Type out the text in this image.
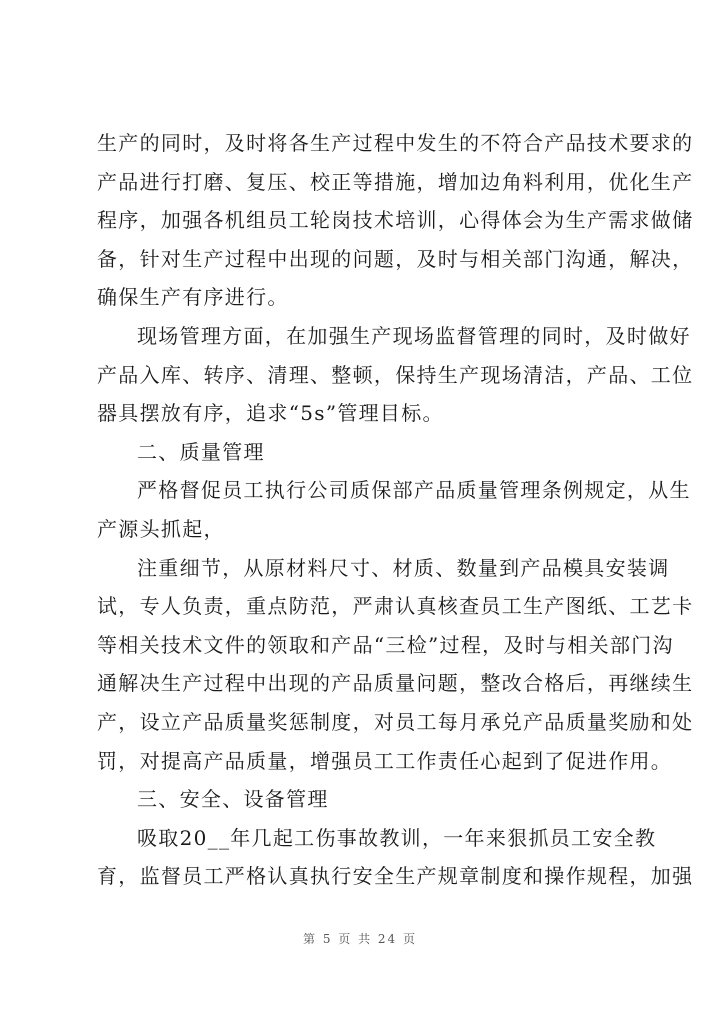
生产的同时，及时将各生产过程中发生的不符合产品技术要求的
产品进行打磨、复压、校正等措施，增加边角料利用，优化生产
程序，加强各机组员工轮岗技术培训，心得体会为生产需求做储
备，针对生产过程中出现的问题，及时与相关部门沟通，解决，
确保生产有序进行。
现场管理方面，在加强生产现场监督管理的同时，及时做好
产品入库、转序、清理、整顿，保持生产现场清洁，产品、工位
器具摆放有序，追求“5s”管理目标。
二、质量管理
严格督促员工执行公司质保部产品质量管理条例规定，从生
产源头抓起，
注重细节，从原材料尺寸、材质、数量到产品模具安装调
试，专人负责，重点防范，严肃认真核查员工生产图纸、工艺卡
等相关技术文件的领取和产品“三检”过程，及时与相关部门沟
通解决生产过程中出现的产品质量问题，整改合格后，再继续生
产，设立产品质量奖惩制度，对员工每月承兑产品质量奖励和处
罚，对提高产品质量，增强员工工作责任心起到了促进作用。
三、安全、设备管理
吸取20__年几起工伤事故教训，一年来狠抓员工安全教
育，监督员工严格认真执行安全生产规章制度和操作规程，加强
第 5 页 共 24 页
